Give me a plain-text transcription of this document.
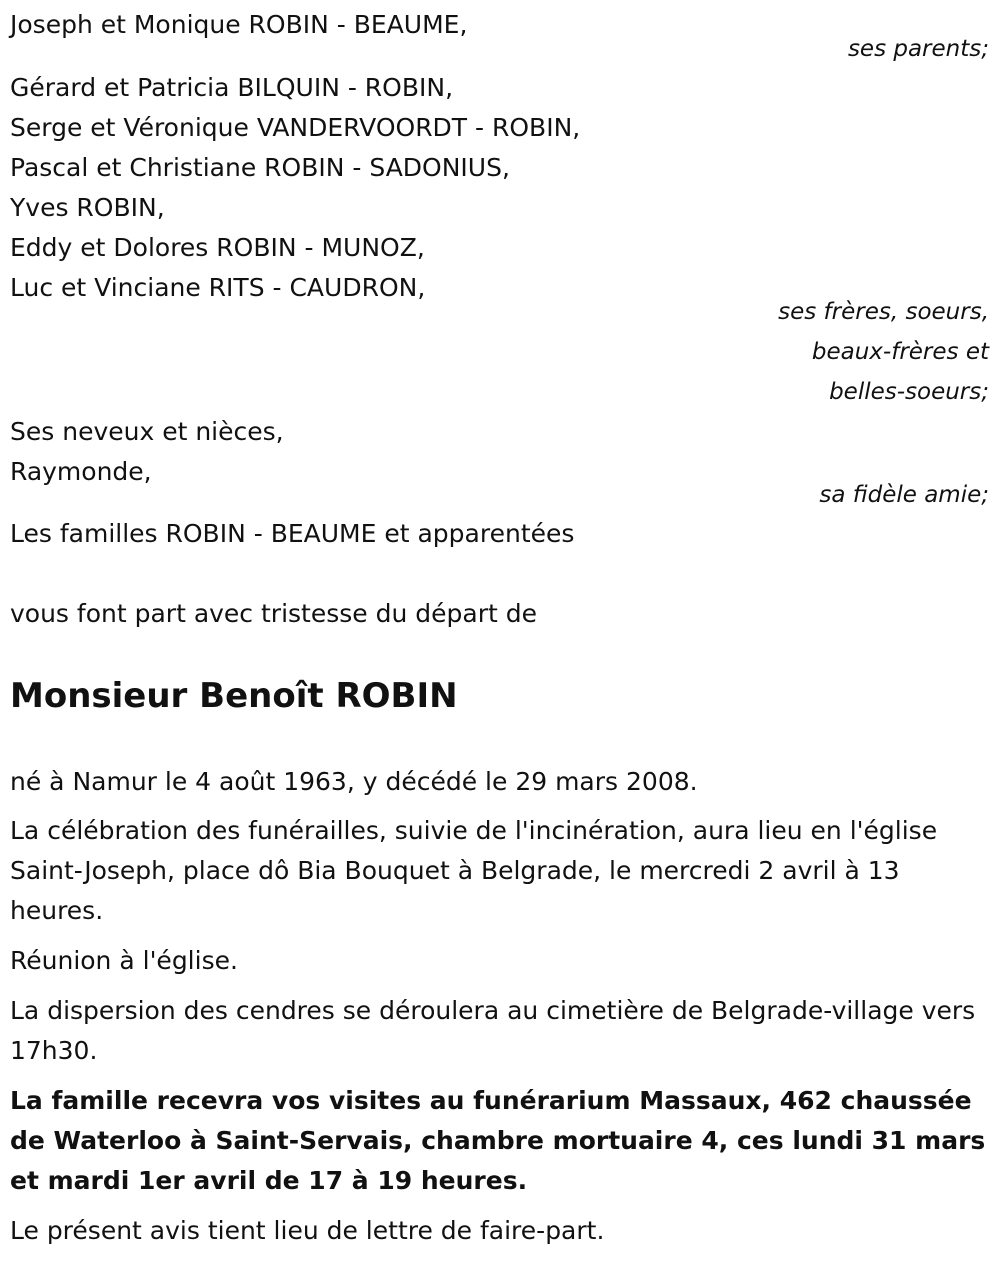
Joseph et Monique ROBIN - BEAUME,
ses parents;
Gérard et Patricia BILQUIN - ROBIN,
Serge et Véronique VANDERVOORDT - ROBIN,
Pascal et Christiane ROBIN - SADONIUS,
Yves ROBIN,
Eddy et Dolores ROBIN - MUNOZ,
Luc et Vinciane RITS - CAUDRON,
ses frères, soeurs,
beaux-frères et
belles-soeurs;
Ses neveux et nièces,
Raymonde,
sa fidèle amie;
Les familles ROBIN - BEAUME et apparentées
vous font part avec tristesse du départ de
Monsieur Benoît ROBIN
né à Namur le 4 août 1963, y décédé le 29 mars 2008.
La célébration des funérailles, suivie de l'incinération, aura lieu en l'église Saint-Joseph, place dô Bia Bouquet à Belgrade, le mercredi 2 avril à 13 heures.
Réunion à l'église.
La dispersion des cendres se déroulera au cimetière de Belgrade-village vers 17h30.
La famille recevra vos visites au funérarium Massaux, 462 chaussée de Waterloo à Saint-Servais, chambre mortuaire 4, ces lundi 31 mars et mardi 1er avril de 17 à 19 heures.
Le présent avis tient lieu de lettre de faire-part.
